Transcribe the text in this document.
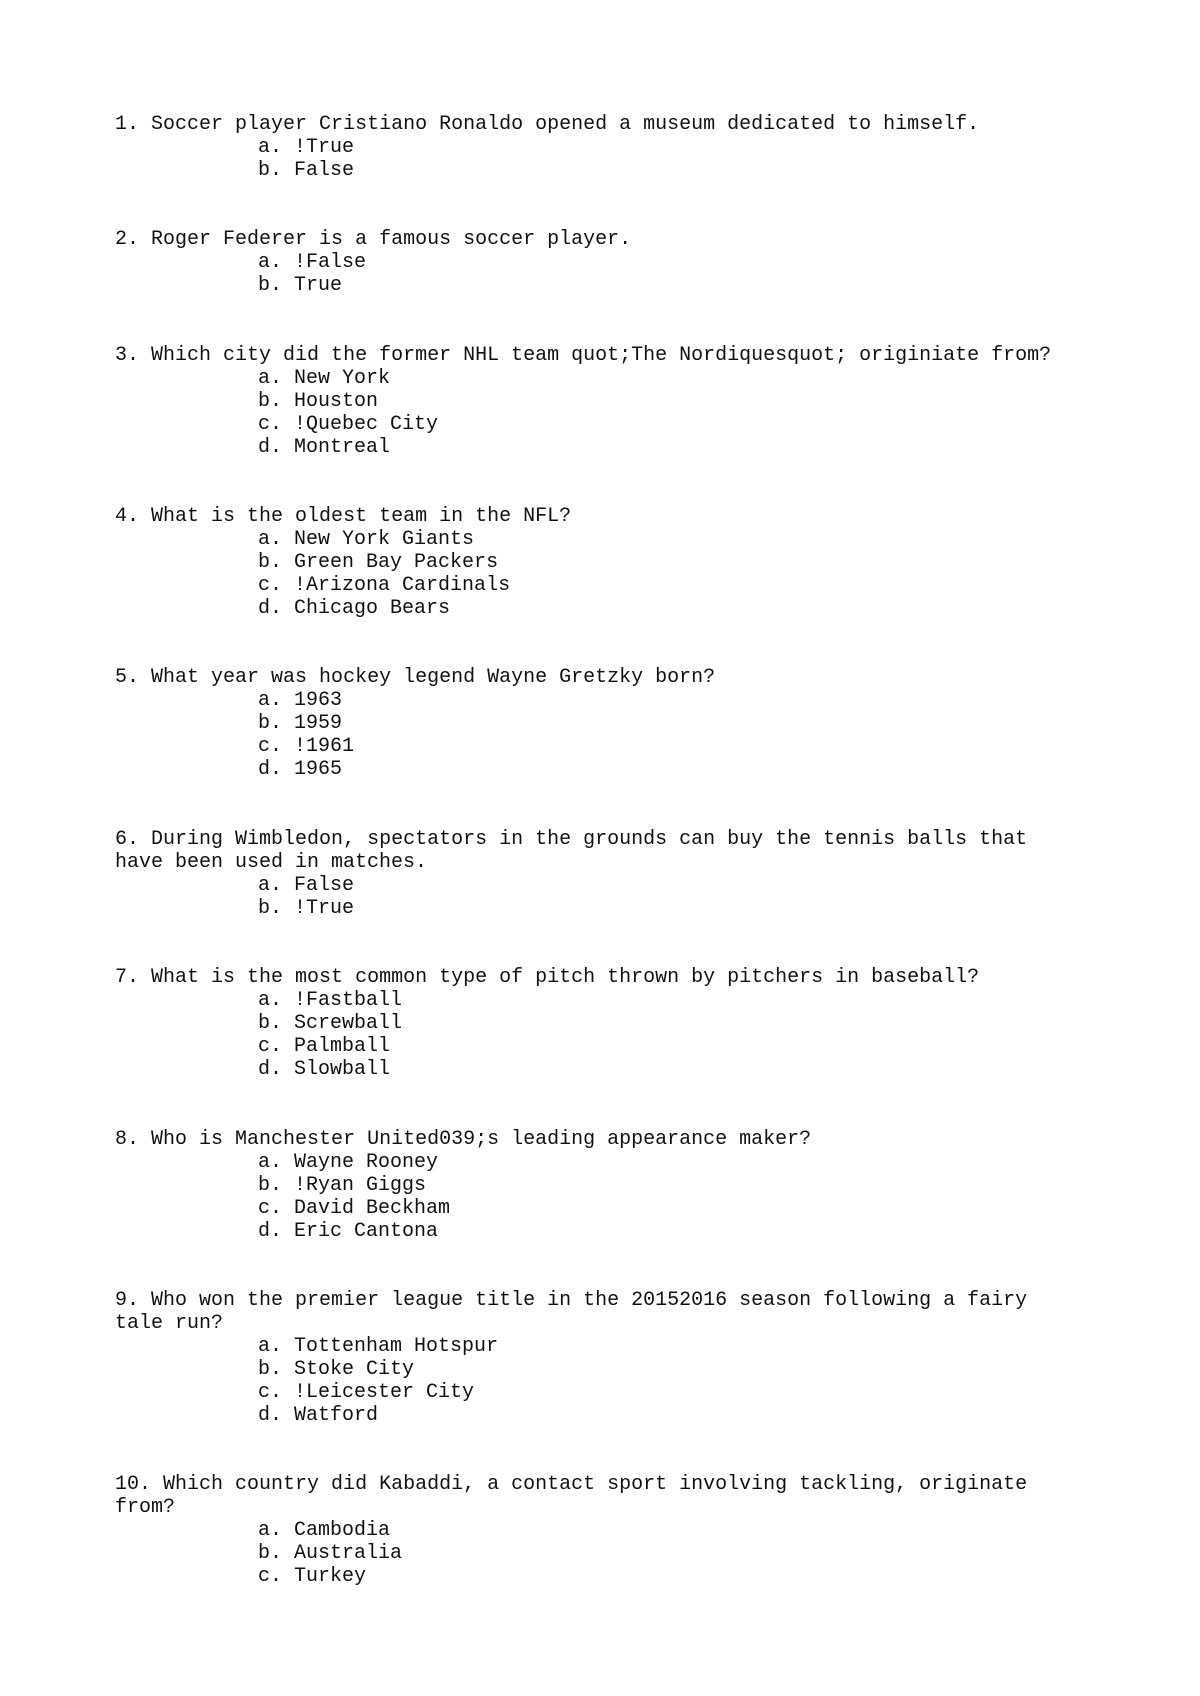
1. Soccer player Cristiano Ronaldo opened a museum dedicated to himself.
a. !True
b. False
2. Roger Federer is a famous soccer player.
a. !False
b. True
3. Which city did the former NHL team quot;The Nordiquesquot; originiate from?
a. New York
b. Houston
c. !Quebec City
d. Montreal
4. What is the oldest team in the NFL?
a. New York Giants
b. Green Bay Packers
c. !Arizona Cardinals
d. Chicago Bears
5. What year was hockey legend Wayne Gretzky born?
a. 1963
b. 1959
c. !1961
d. 1965
6. During Wimbledon, spectators in the grounds can buy the tennis balls that
have been used in matches.
a. False
b. !True
7. What is the most common type of pitch thrown by pitchers in baseball?
a. !Fastball
b. Screwball
c. Palmball
d. Slowball
8. Who is Manchester United039;s leading appearance maker?
a. Wayne Rooney
b. !Ryan Giggs
c. David Beckham
d. Eric Cantona
9. Who won the premier league title in the 20152016 season following a fairy
tale run?
a. Tottenham Hotspur
b. Stoke City
c. !Leicester City
d. Watford
10. Which country did Kabaddi, a contact sport involving tackling, originate
from?
a. Cambodia
b. Australia
c. Turkey
